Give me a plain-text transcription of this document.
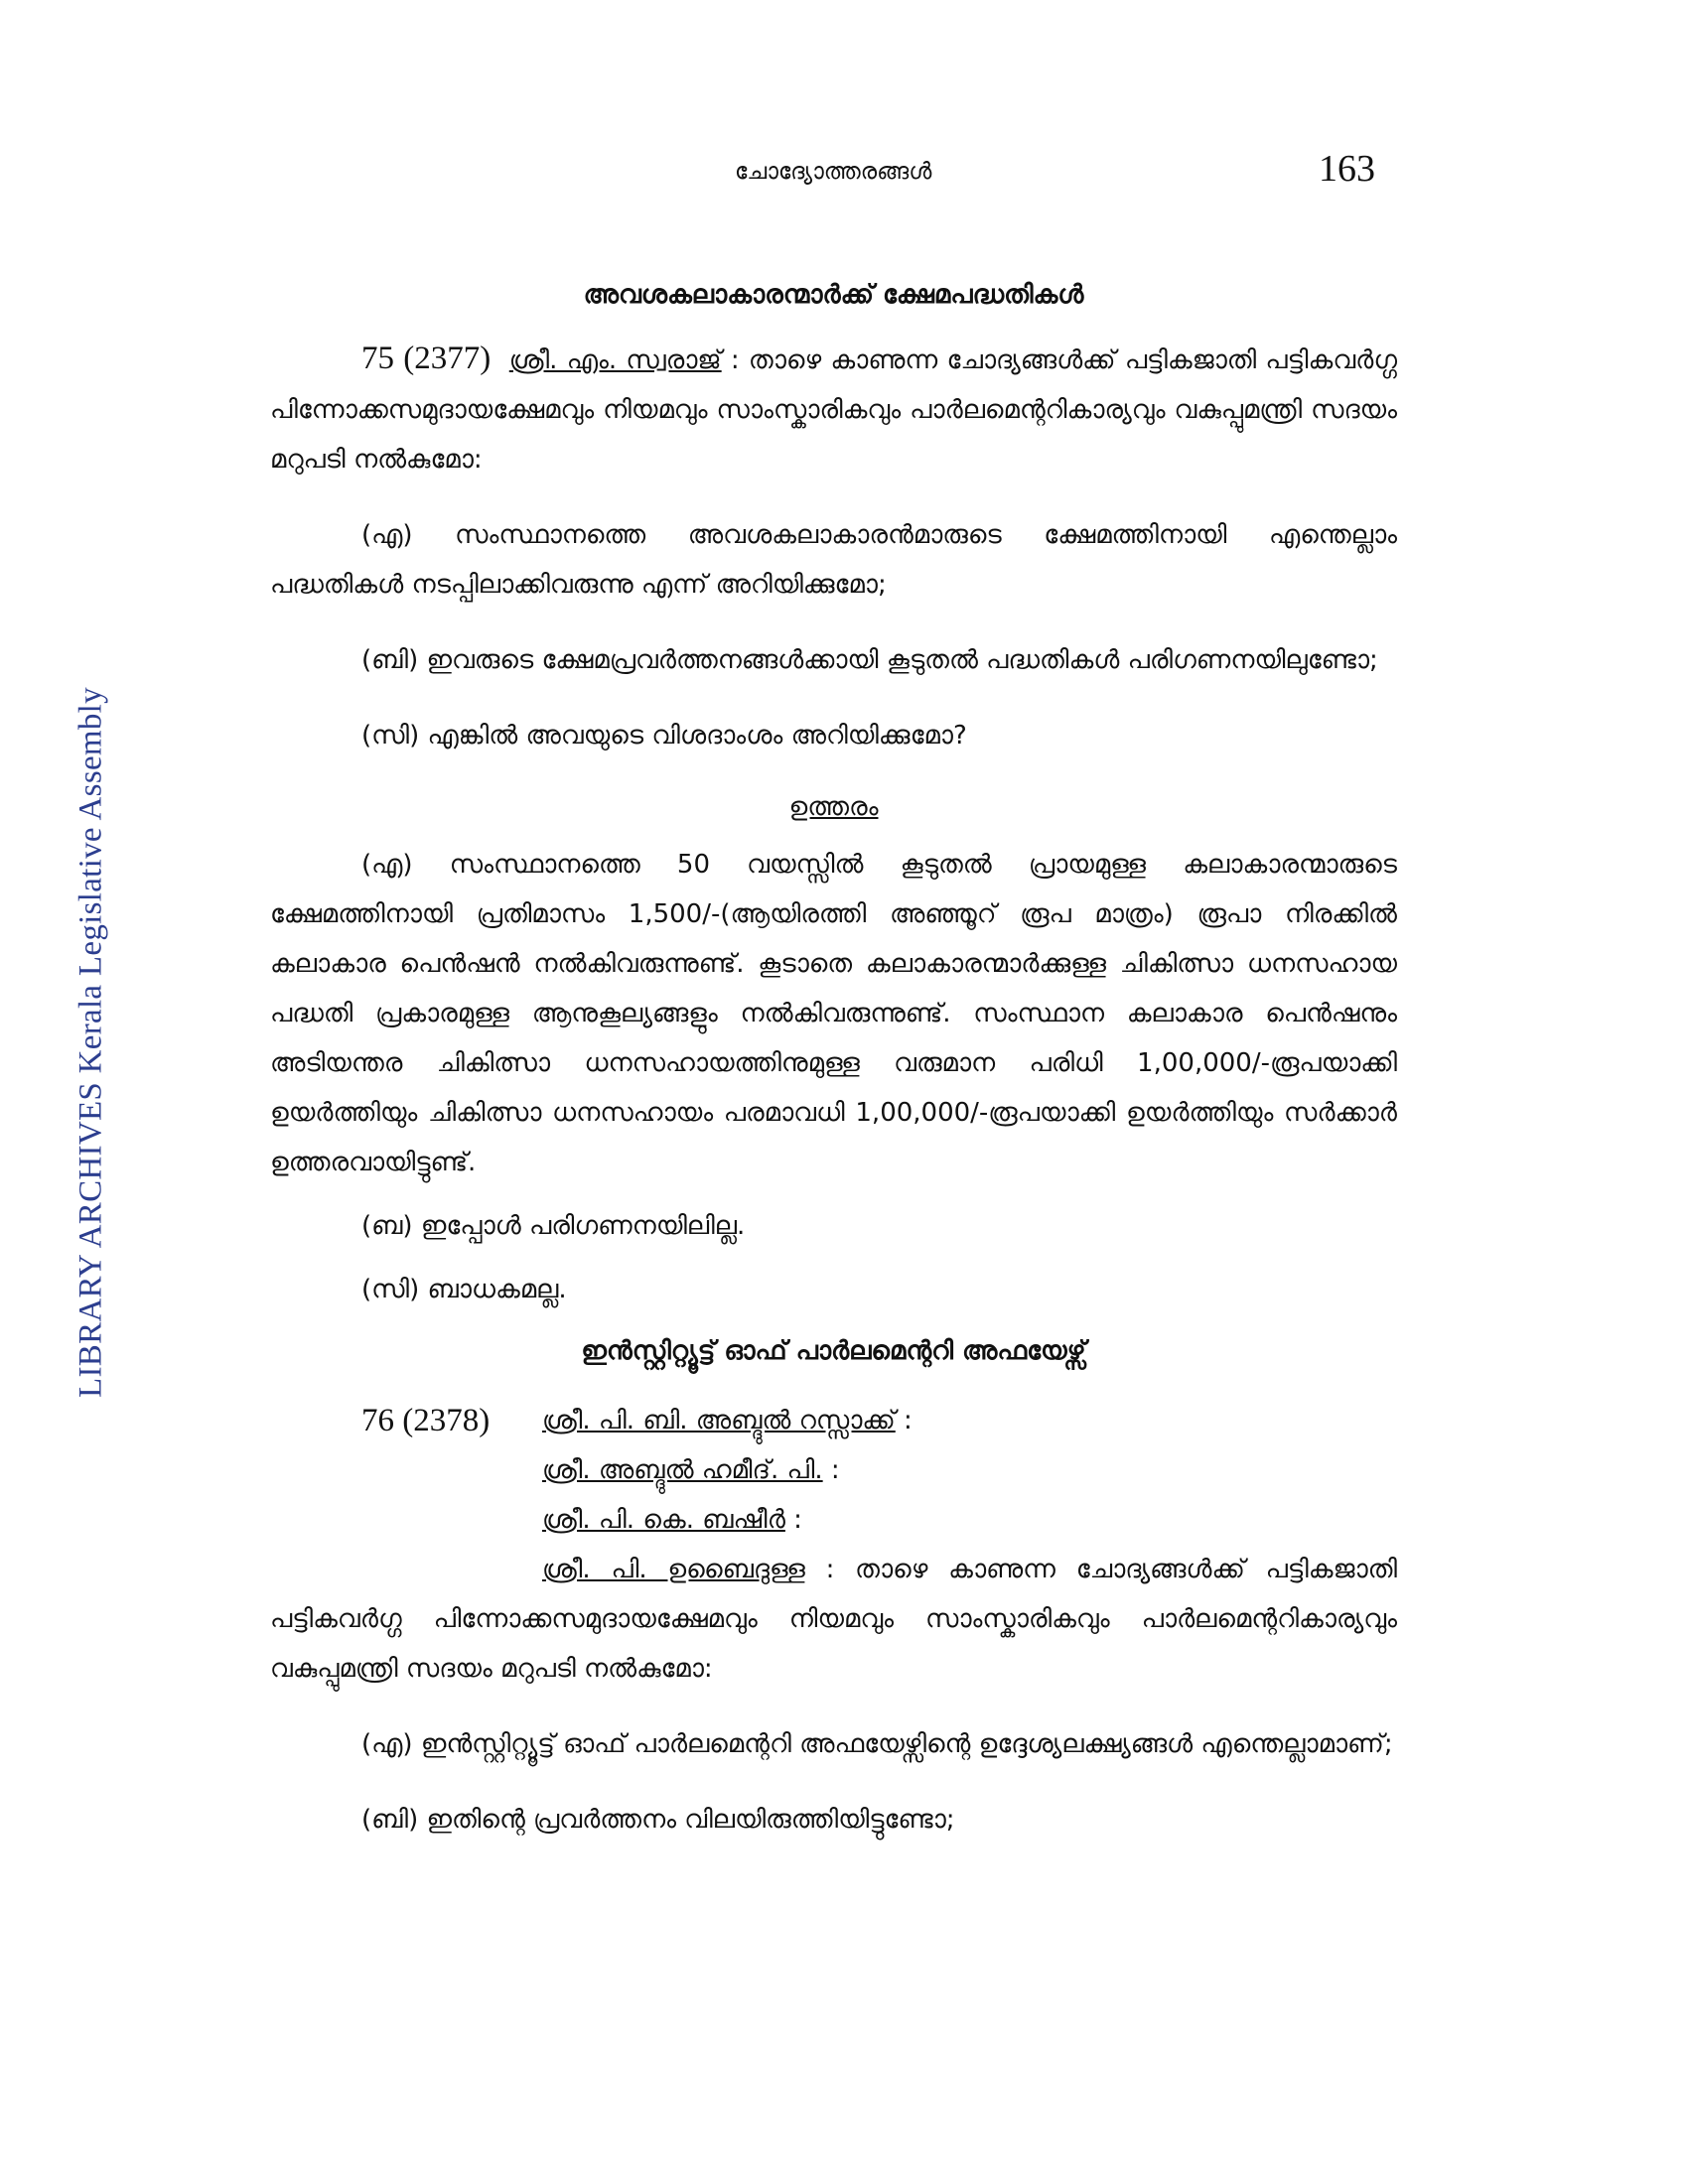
LIBRARY ARCHIVES Kerala Legislative Assembly
ചോദ്യോത്തരങ്ങൾ	163

അവശകലാകാരന്മാർക്ക് ക്ഷേമപദ്ധതികൾ

75 (2377) ശ്രീ. എം. സ്വരാജ് : താഴെ കാണുന്ന ചോദ്യങ്ങൾക്ക് പട്ടികജാതി പട്ടികവർഗ്ഗ പിന്നോക്കസമുദായക്ഷേമവും നിയമവും സാംസ്കാരികവും പാർലമെന്ററികാര്യവും വകുപ്പുമന്ത്രി സദയം മറുപടി നൽകുമോ:

(എ) സംസ്ഥാനത്തെ അവശകലാകാരൻമാരുടെ ക്ഷേമത്തിനായി എന്തെല്ലാം പദ്ധതികൾ നടപ്പിലാക്കിവരുന്നു എന്ന് അറിയിക്കുമോ;

(ബി) ഇവരുടെ ക്ഷേമപ്രവർത്തനങ്ങൾക്കായി കൂടുതൽ പദ്ധതികൾ പരിഗണനയിലുണ്ടോ;

(സി) എങ്കിൽ അവയുടെ വിശദാംശം അറിയിക്കുമോ?

ഉത്തരം

(എ) സംസ്ഥാനത്തെ 50 വയസ്സിൽ കൂടുതൽ പ്രായമുള്ള കലാകാരന്മാരുടെ ക്ഷേമത്തിനായി പ്രതിമാസം 1,500/-(ആയിരത്തി അഞ്ഞൂറ് രൂപ മാത്രം) രൂപാ നിരക്കിൽ കലാകാര പെൻഷൻ നൽകിവരുന്നുണ്ട്. കൂടാതെ കലാകാരന്മാർക്കുള്ള ചികിത്സാ ധനസഹായ പദ്ധതി പ്രകാരമുള്ള ആനുകൂല്യങ്ങളും നൽകിവരുന്നുണ്ട്. സംസ്ഥാന കലാകാര പെൻഷനും അടിയന്തര ചികിത്സാ ധനസഹായത്തിനുമുള്ള വരുമാന പരിധി 1,00,000/-രൂപയാക്കി ഉയർത്തിയും ചികിത്സാ ധനസഹായം പരമാവധി 1,00,000/-രൂപയാക്കി ഉയർത്തിയും സർക്കാർ ഉത്തരവായിട്ടുണ്ട്.

(ബ) ഇപ്പോൾ പരിഗണനയിലില്ല.

(സി) ബാധകമല്ല.

ഇൻസ്റ്റിറ്റ്യൂട്ട് ഓഫ് പാർലമെന്ററി അഫയേഴ്സ്

76 (2378) ശ്രീ. പി. ബി. അബ്ദുൽ റസ്സാക്ക് :
ശ്രീ. അബ്ദുൽ ഹമീദ്. പി. :
ശ്രീ. പി. കെ. ബഷീർ :

ശ്രീ. പി. ഉബൈദുള്ള : താഴെ കാണുന്ന ചോദ്യങ്ങൾക്ക് പട്ടികജാതി പട്ടികവർഗ്ഗ പിന്നോക്കസമുദായക്ഷേമവും നിയമവും സാംസ്കാരികവും പാർലമെന്ററികാര്യവും വകുപ്പുമന്ത്രി സദയം മറുപടി നൽകുമോ:

(എ) ഇൻസ്റ്റിറ്റ്യൂട്ട് ഓഫ് പാർലമെന്ററി അഫയേഴ്സിന്റെ ഉദ്ദേശ്യലക്ഷ്യങ്ങൾ എന്തെല്ലാമാണ്;

(ബി) ഇതിന്റെ പ്രവർത്തനം വിലയിരുത്തിയിട്ടുണ്ടോ;
